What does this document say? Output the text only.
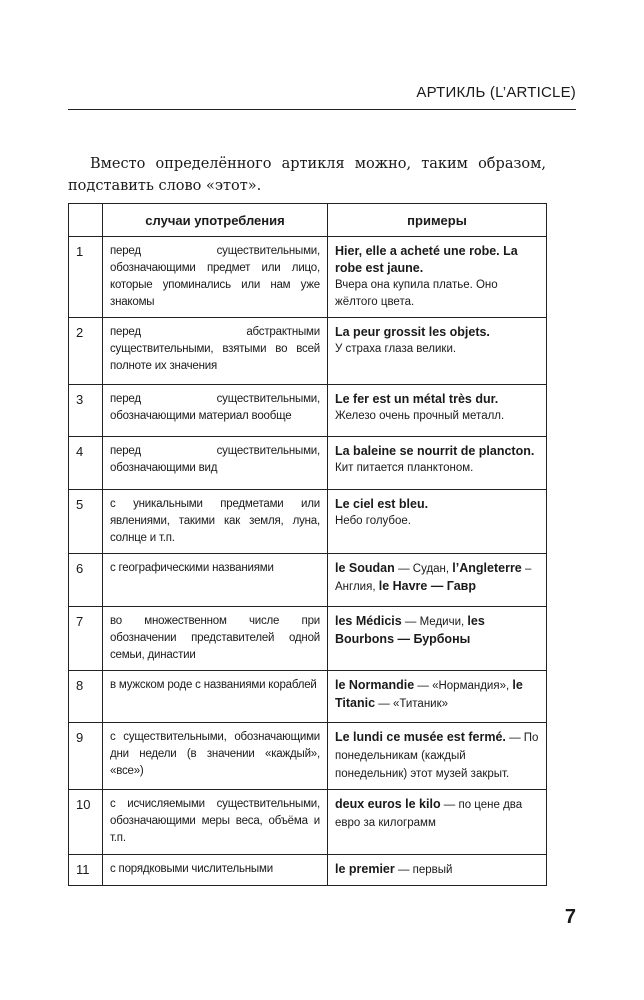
АРТИКЛЬ (L’ARTICLE)

Вместо определённого артикля можно, таким образом, подставить слово «этот».

	случаи употребления	примеры
1	перед существительными, обозначающими предмет или лицо, которые упоминались или нам уже знакомы	Hier, elle a acheté une robe. La robe est jaune.
Вчера она купила платье. Оно жёлтого цвета.

2	перед абстрактными существительными, взятыми во всей полноте их значения	La peur grossit les objets.
У страха глаза велики.

3	перед существительными, обозначающими материал вообще	Le fer est un métal très dur.
Железо очень прочный металл.

4	перед существительными, обозначающими вид	La baleine se nourrit de plancton.
Кит питается планктоном.

5	с уникальными предметами или явлениями, такими как земля, луна, солнце и т.п.	Le ciel est bleu.
Небо голубое.

6	с географическими названиями	le Soudan — Судан, l’Angleterre – Англия, le Havre — Гавр
7	во множественном числе при обозначении представителей одной семьи, династии	les Médicis — Медичи, les Bourbons — Бурбоны
8	в мужском роде с названиями кораблей	le Normandie — «Нормандия», le Titanic — «Титаник»
9	с существительными, обозначающими дни недели (в значении «каждый», «все»)	Le lundi ce musée est fermé. — По понедельникам (каждый понедельник) этот музей закрыт.
10	с исчисляемыми существительными, обозначающими меры веса, объёма и т.п.	deux euros le kilo — по цене два евро за килограмм
11	с порядковыми числительными	le premier — первый
7
